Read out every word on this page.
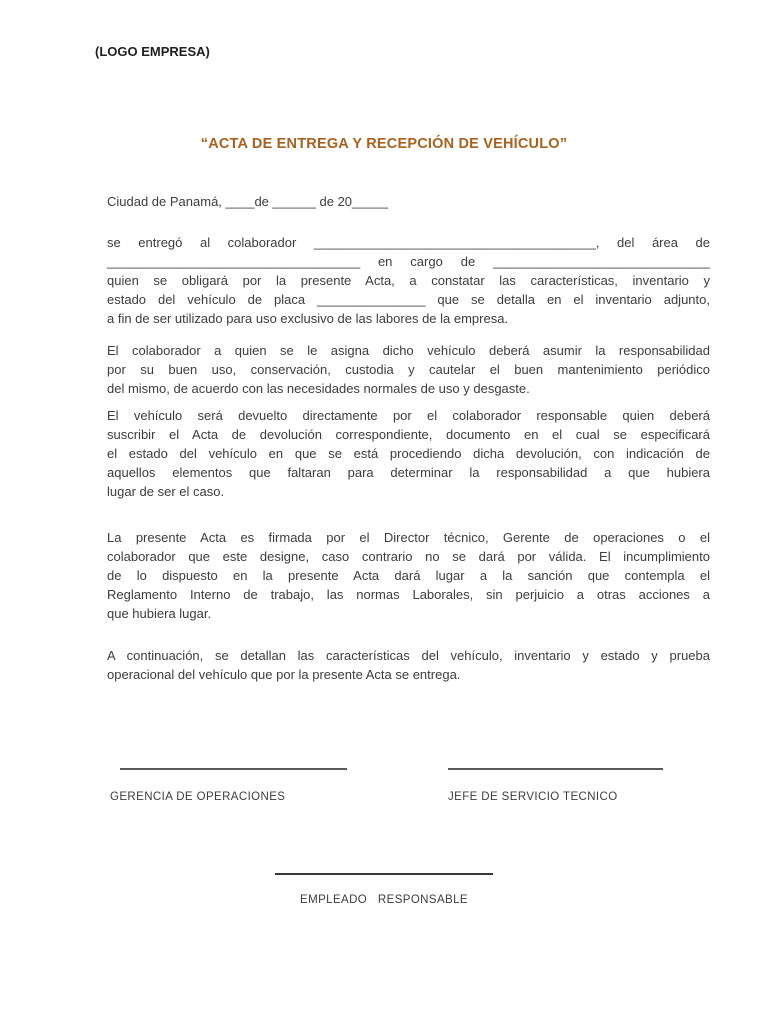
(LOGO EMPRESA)
“ACTA DE ENTREGA Y RECEPCIÓN DE VEHÍCULO”
Ciudad de Panamá, ____de ______ de 20_____
se entregó al colaborador _______________________________________, del área de
___________________________________ en cargo de ______________________________
quien se obligará por la presente Acta, a constatar las características, inventario y
estado del vehículo de placa _______________ que se detalla en el inventario adjunto,
a fin de ser utilizado para uso exclusivo de las labores de la empresa.
El colaborador a quien se le asigna dicho vehículo deberá asumir la responsabilidad
por su buen uso, conservación, custodia y cautelar el buen mantenimiento periódico
del mismo, de acuerdo con las necesidades normales de uso y desgaste.
El vehículo será devuelto directamente por el colaborador responsable quien deberá
suscribir el Acta de devolución correspondiente, documento en el cual se especificará
el estado del vehículo en que se está procediendo dicha devolución, con indicación de
aquellos elementos que faltaran para determinar la responsabilidad a que hubiera
lugar de ser el caso.
La presente Acta es firmada por el Director técnico, Gerente de operaciones o el
colaborador que este designe, caso contrario no se dará por válida. El incumplimiento
de lo dispuesto en la presente Acta dará lugar a la sanción que contempla el
Reglamento Interno de trabajo, las normas Laborales, sin perjuicio a otras acciones a
que hubiera lugar.
A continuación, se detallan las características del vehículo, inventario y estado y prueba
operacional del vehículo que por la presente Acta se entrega.
GERENCIA DE OPERACIONES	JEFE DE SERVICIO TECNICO
EMPLEADO   RESPONSABLE
